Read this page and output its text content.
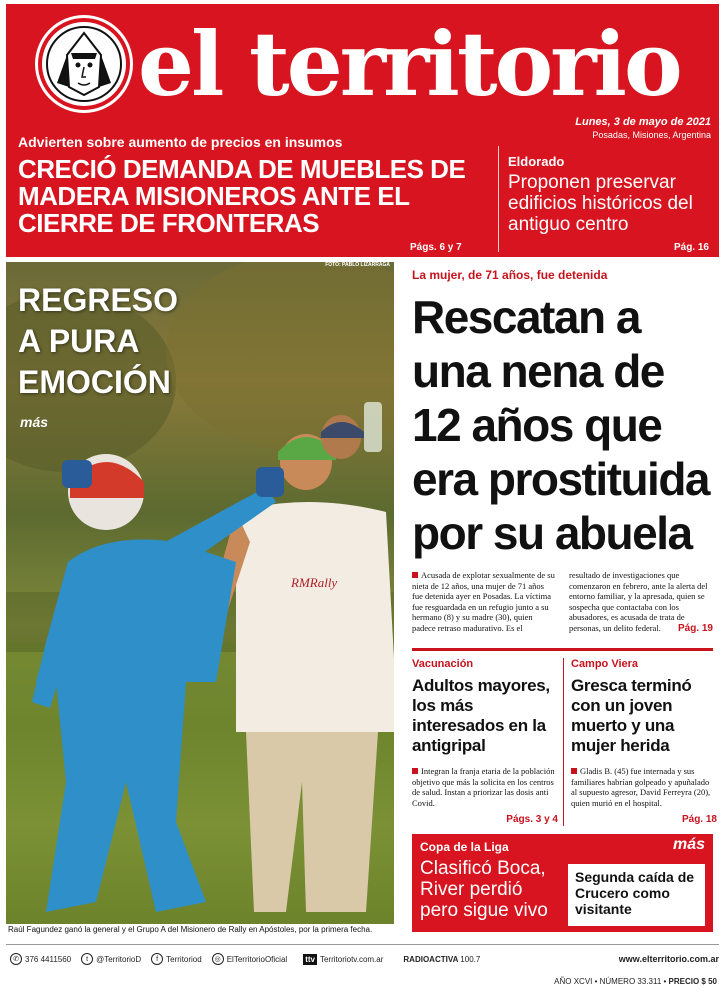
el territorio
Lunes, 3 de mayo de 2021
Posadas, Misiones, Argentina
Advierten sobre aumento de precios en insumos
CRECIÓ DEMANDA DE MUEBLES DE MADERA MISIONEROS ANTE EL CIERRE DE FRONTERAS
Págs. 6 y 7
Eldorado
Proponen preservar edificios históricos del antiguo centro
Pág. 16
RMRally
FOTO: PABLO LIZARRAGA
REGRESO
A PURA
EMOCIÓN
más
Raúl Fagundez ganó la general y el Grupo A del Misionero de Rally en Apóstoles, por la primera fecha.
La mujer, de 71 años, fue detenida
Rescatan a una nena de 12 años que era prostituida por su abuela
Acusada de explotar sexualmente de su nieta de 12 años, una mujer de 71 años fue detenida ayer en Posadas. La víctima fue resguardada en un refugio junto a su hermano (8) y su madre (30), quien padece retraso madurativo. Es el resultado de investigaciones que comenzaron en febrero, ante la alerta del entorno familiar, y la apresada, quien se sospecha que contactaba con los abusadores, es acusada de trata de personas, un delito federal.	Pág. 19
Vacunación
Adultos mayores, los más interesados en la antigripal
Integran la franja etaria de la población objetivo que más la solicita en los centros de salud. Instan a priorizar las dosis anti Covid.
Págs. 3 y 4
Campo Viera
Gresca terminó con un joven muerto y una mujer herida
Gladis B. (45) fue internada y sus familiares habrían golpeado y apuñalado al supuesto agresor, David Ferreyra (20), quien murió en el hospital.
Pág. 18
Copa de la Liga	más
Clasificó Boca, River perdió pero sigue vivo
Segunda caída de Crucero como visitante
✆ 376 4411560	t	@TerritorioD	f	Territoriod	◎ ElTerritorioOficial ttv Territoriotv.com.ar	RADIOACTIVA 100.7	www.elterritorio.com.ar
AÑO XCVI • NÚMERO 33.311 • PRECIO $ 50
